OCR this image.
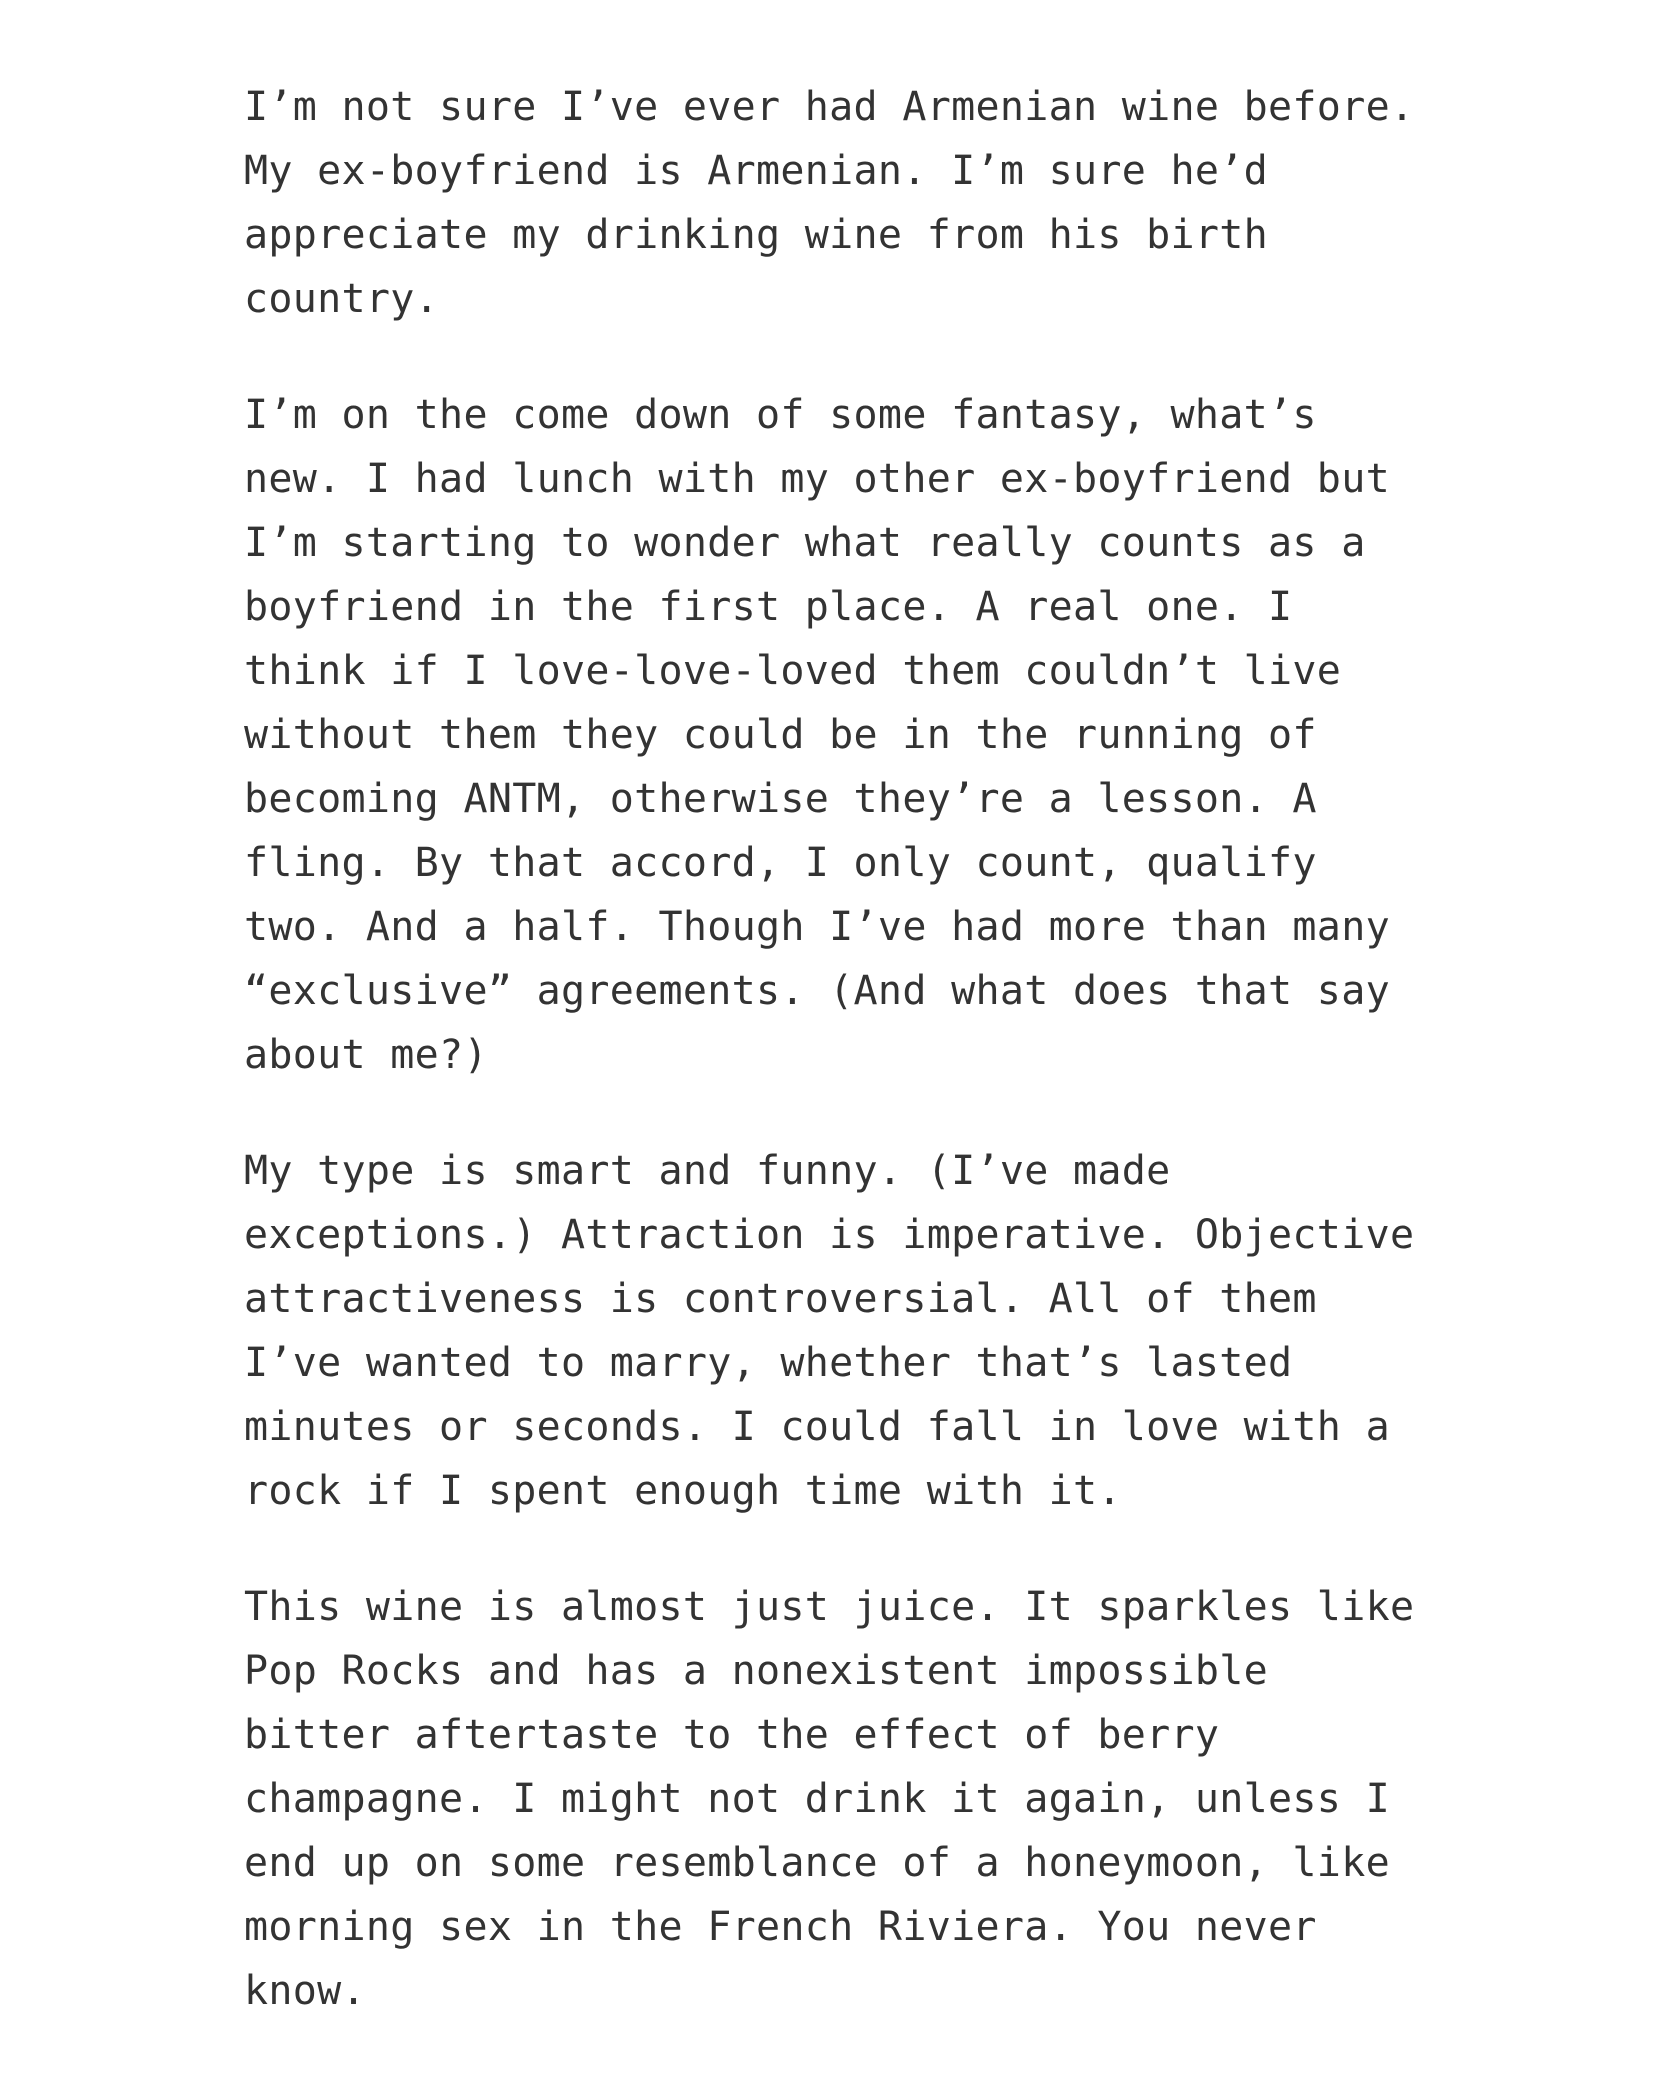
I’m not sure I’ve ever had Armenian wine before.
My ex-boyfriend is Armenian. I’m sure he’d
appreciate my drinking wine from his birth
country.
I’m on the come down of some fantasy, what’s
new. I had lunch with my other ex-boyfriend but
I’m starting to wonder what really counts as a
boyfriend in the first place. A real one. I
think if I love-love-loved them couldn’t live
without them they could be in the running of
becoming ANTM, otherwise they’re a lesson. A
fling. By that accord, I only count, qualify
two. And a half. Though I’ve had more than many
“exclusive” agreements. (And what does that say
about me?)
My type is smart and funny. (I’ve made
exceptions.) Attraction is imperative. Objective
attractiveness is controversial. All of them
I’ve wanted to marry, whether that’s lasted
minutes or seconds. I could fall in love with a
rock if I spent enough time with it.
This wine is almost just juice. It sparkles like
Pop Rocks and has a nonexistent impossible
bitter aftertaste to the effect of berry
champagne. I might not drink it again, unless I
end up on some resemblance of a honeymoon, like
morning sex in the French Riviera. You never
know.
